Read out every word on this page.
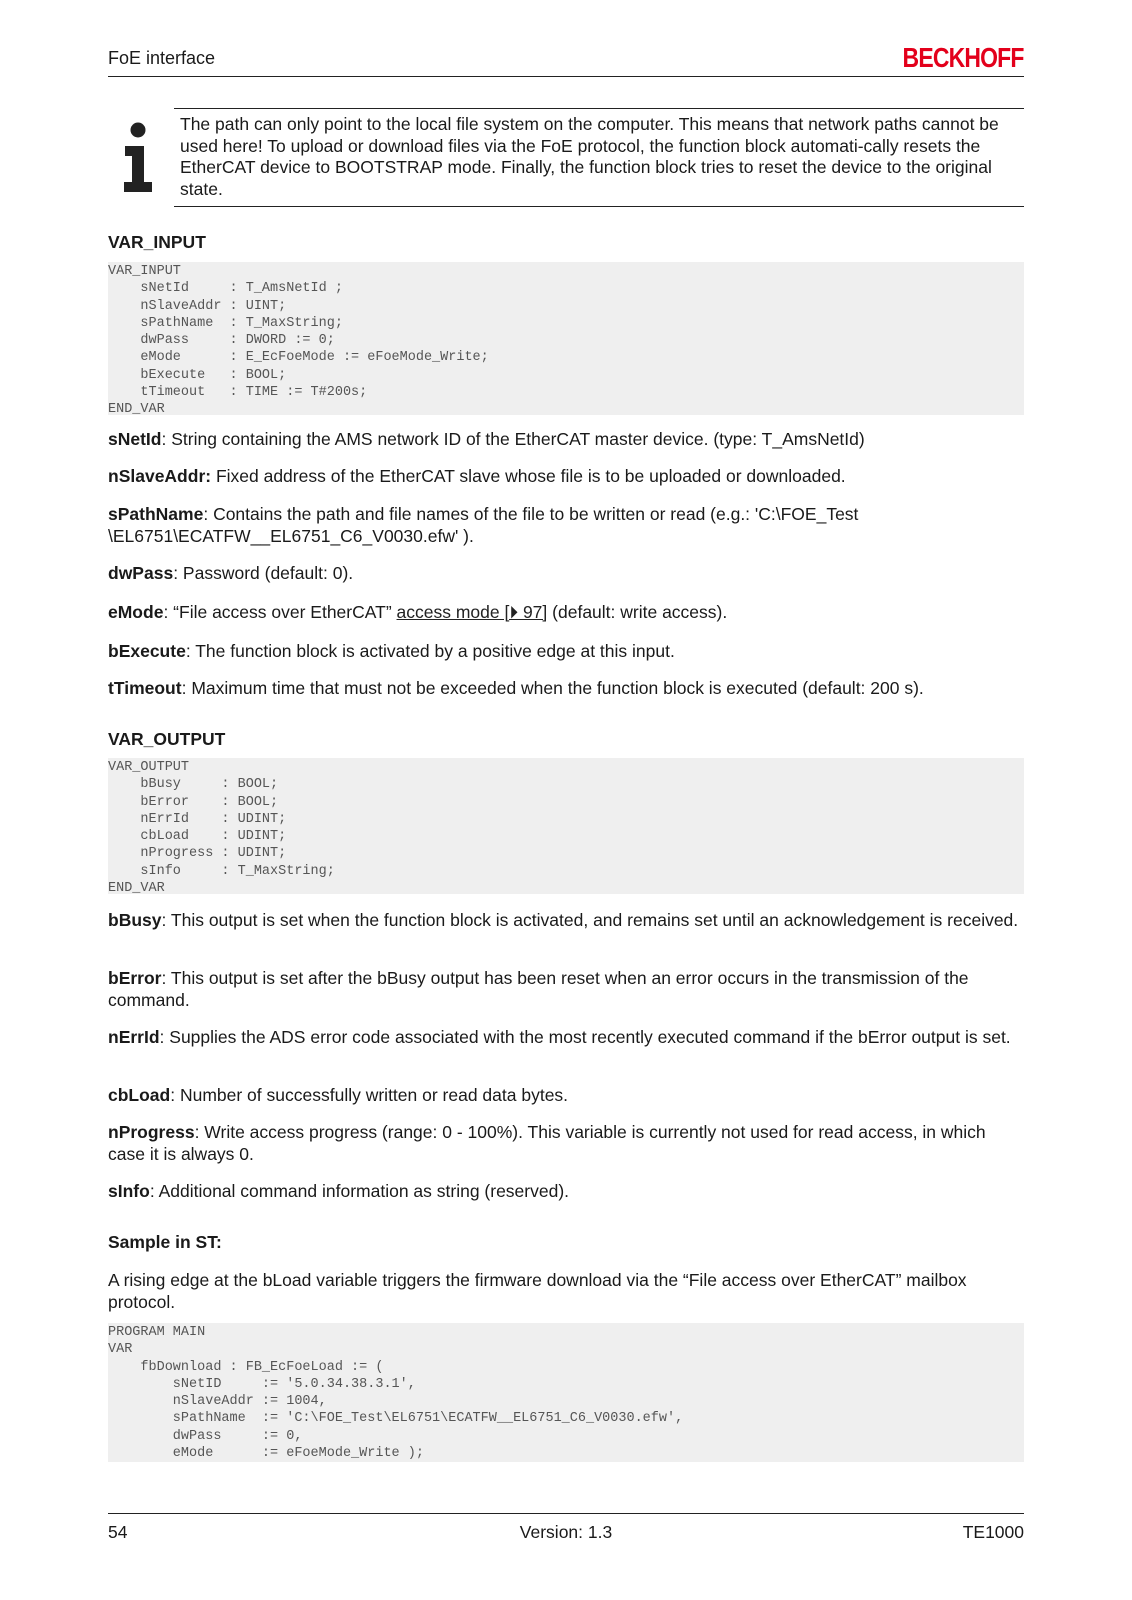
FoE interface	BECKHOFF
The path can only point to the local file system on the computer. This means that network paths cannot be used here! To upload or download files via the FoE protocol, the function block automati-cally resets the EtherCAT device to BOOTSTRAP mode. Finally, the function block tries to reset the device to the original state.
VAR_INPUT
VAR_INPUT
sNetId     : T_AmsNetId ;
nSlaveAddr : UINT;
sPathName  : T_MaxString;
dwPass     : DWORD := 0;
eMode      : E_EcFoeMode := eFoeMode_Write;
bExecute   : BOOL;
tTimeout   : TIME := T#200s;
END_VAR

sNetId: String containing the AMS network ID of the EtherCAT master device. (type: T_AmsNetId)

nSlaveAddr: Fixed address of the EtherCAT slave whose file is to be uploaded or downloaded.

sPathName: Contains the path and file names of the file to be written or read (e.g.: 'C:\FOE_Test \EL6751\ECATFW__EL6751_C6_V0030.efw' ).

dwPass: Password (default: 0).

eMode: “File access over EtherCAT” access mode [⏵ 97] (default: write access).

bExecute: The function block is activated by a positive edge at this input.

tTimeout: Maximum time that must not be exceeded when the function block is executed (default: 200 s).

VAR_OUTPUT
VAR_OUTPUT
bBusy     : BOOL;
bError    : BOOL;
nErrId    : UDINT;
cbLoad    : UDINT;
nProgress : UDINT;
sInfo     : T_MaxString;
END_VAR

bBusy: This output is set when the function block is activated, and remains set until an acknowledgement is received.

bError: This output is set after the bBusy output has been reset when an error occurs in the transmission of the command.

nErrId: Supplies the ADS error code associated with the most recently executed command if the bError output is set.

cbLoad: Number of successfully written or read data bytes.

nProgress: Write access progress (range: 0 - 100%). This variable is currently not used for read access, in which case it is always 0.

sInfo: Additional command information as string (reserved).

Sample in ST:

A rising edge at the bLoad variable triggers the firmware download via the “File access over EtherCAT” mailbox protocol.

PROGRAM MAIN
VAR
fbDownload : FB_EcFoeLoad := (
sNetID     := '5.0.34.38.3.1',
nSlaveAddr := 1004,
sPathName  := 'C:\FOE_Test\EL6751\ECATFW__EL6751_C6_V0030.efw',
dwPass     := 0,
eMode      := eFoeMode_Write );
54	Version: 1.3	TE1000
